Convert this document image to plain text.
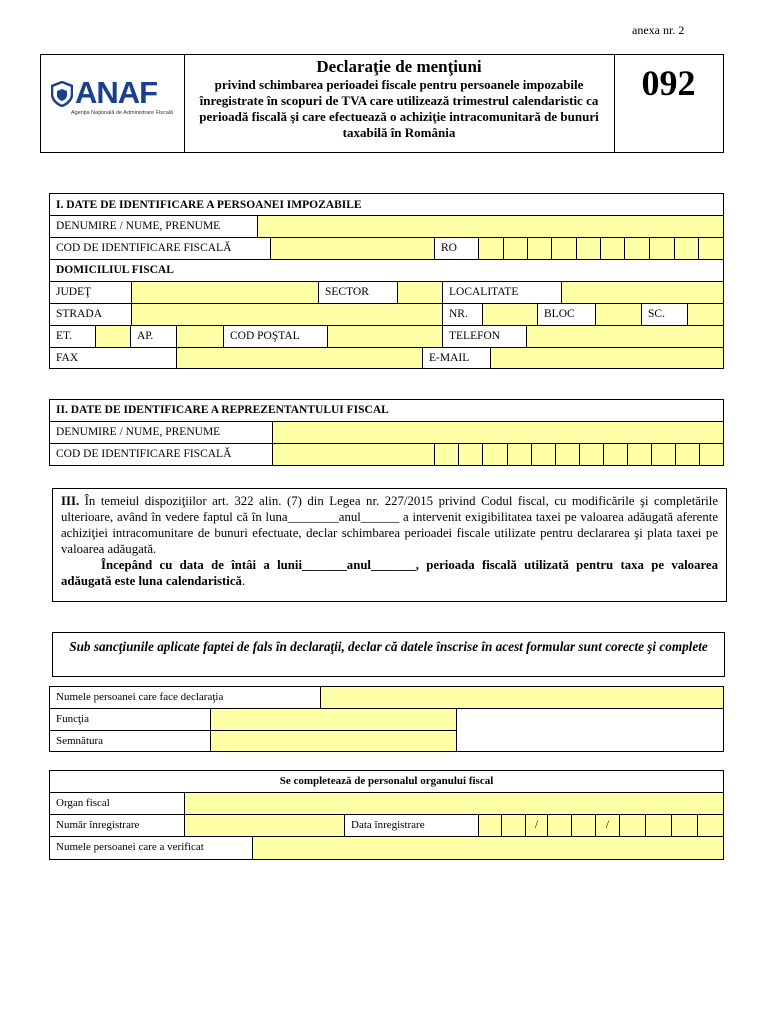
anexa nr. 2
ANAF
Agenţia Naţională de Administrare Fiscală
Declaraţie de menţiuni
privind schimbarea perioadei fiscale pentru persoanele impozabile înregistrate în scopuri de TVA care utilizează trimestrul calendaristic ca perioadă fiscală şi care efectuează o achiziţie intracomunitară de bunuri taxabilă în România
092
I. DATE DE IDENTIFICARE A PERSOANEI IMPOZABILE
DENUMIRE / NUME, PRENUME
COD DE IDENTIFICARE FISCALĂ	RO
DOMICILIUL FISCAL
JUDEŢ	SECTOR	LOCALITATE
STRADA	NR.	BLOC	SC.
ET.	AP.	COD POŞTAL	TELEFON
FAX	E-MAIL
II. DATE DE IDENTIFICARE A REPREZENTANTULUI FISCAL
DENUMIRE / NUME, PRENUME
COD DE IDENTIFICARE FISCALĂ
III. În temeiul dispoziţiilor art. 322 alin. (7) din Legea nr. 227/2015 privind Codul fiscal, cu modificările şi completările ulterioare, având în vedere faptul că în luna________anul______ a intervenit exigibilitatea taxei pe valoarea adăugată aferente achiziţiei intracomunitare de bunuri efectuate, declar schimbarea perioadei fiscale utilizate pentru declararea şi plata taxei pe valoarea adăugată.
Începând cu data de întâi a lunii_______anul_______, perioada fiscală utilizată pentru taxa pe valoarea adăugată este luna calendaristică.
Sub sancţiunile aplicate faptei de fals în declaraţii, declar că datele înscrise în acest formular sunt corecte şi complete
Numele persoanei care face declaraţia
Funcţia
Semnătura
Se completează de personalul organului fiscal
Organ fiscal
Număr înregistrare	Data înregistrare	/	/
Numele persoanei care a verificat
